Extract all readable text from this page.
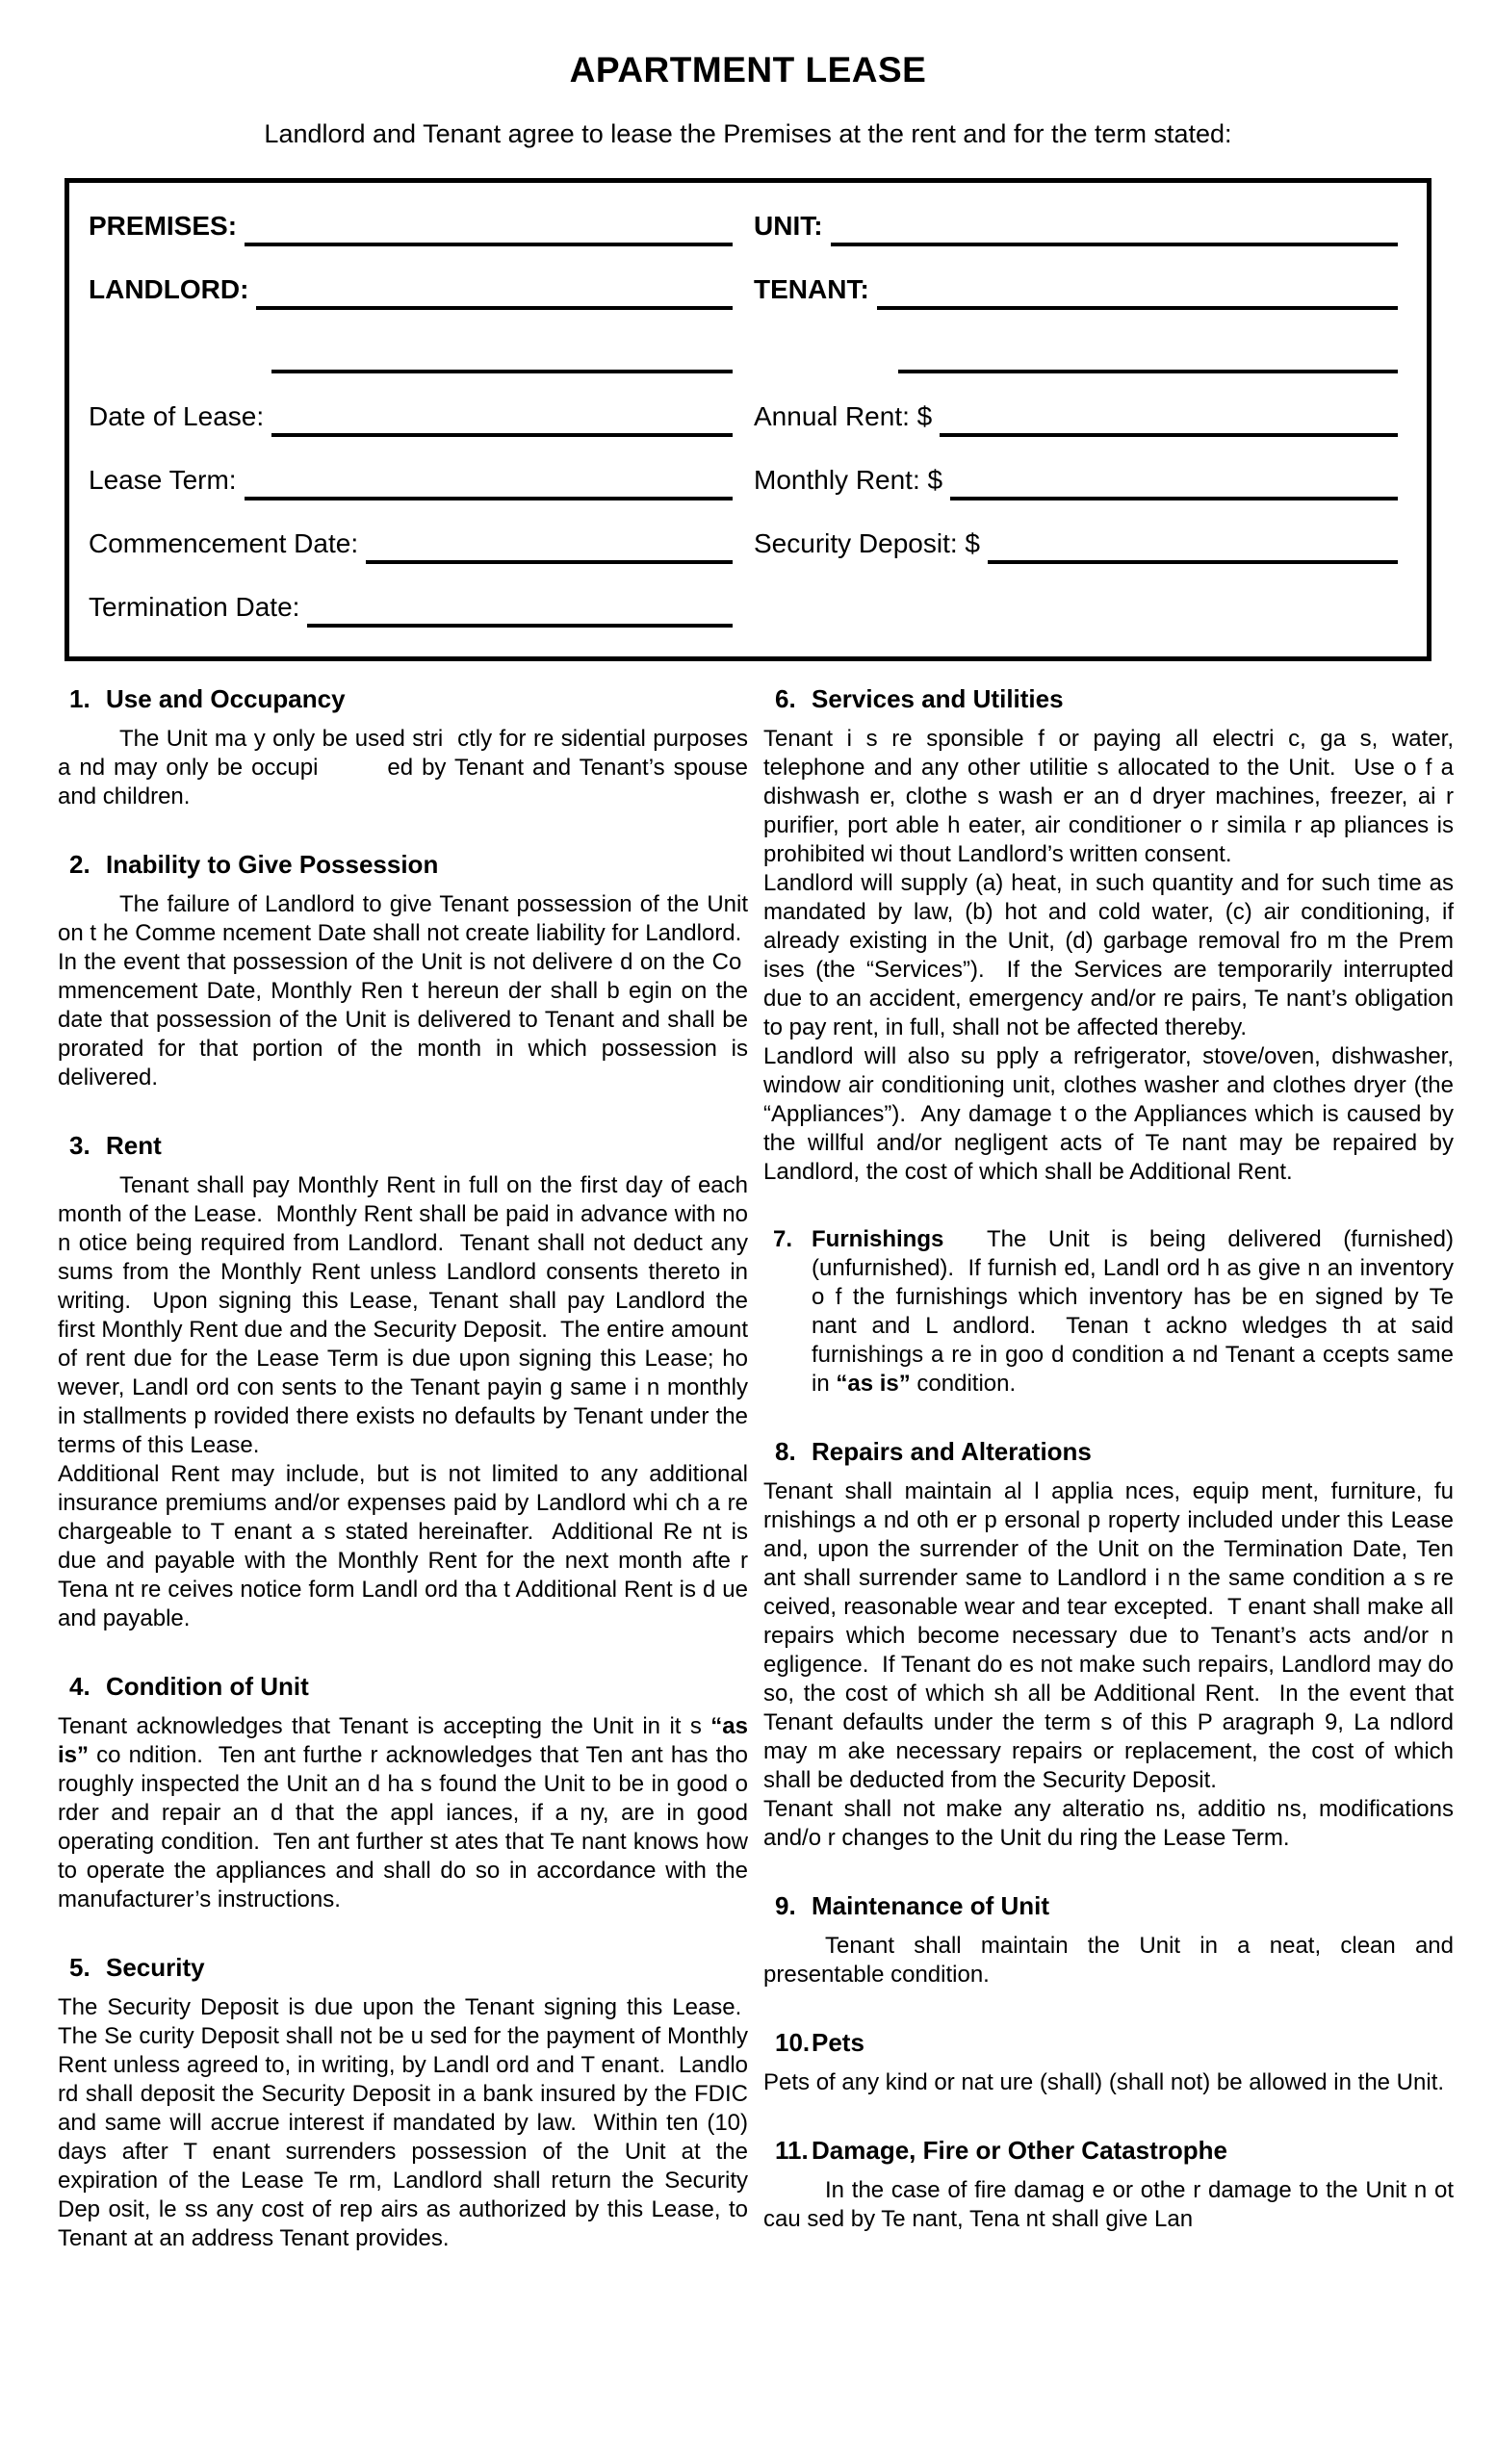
APARTMENT LEASE
Landlord and Tenant agree to lease the Premises at the rent and for the term stated:
PREMISES:	UNIT:
LANDLORD:	TENANT:
Date of Lease:	Annual Rent: $
Lease Term:	Monthly Rent: $
Commencement Date:	Security Deposit: $
Termination Date:
1. Use and Occupancy

The Unit ma y only be used stri  ctly for re sidential purposes a nd may only be occupi        ed by Tenant and Tenant’s spouse and children.

2. Inability to Give Possession

The failure of Landlord to give Tenant possession of the Unit on t he Comme ncement Date shall not create liability for Landlord.  In the event that possession of the Unit is not delivere d on the Co  mmencement Date, Monthly Ren t hereun der shall b egin on the date that possession of the Unit is delivered to Tenant and shall be prorated for that portion of the month in which possession is delivered.

3. Rent

Tenant shall pay Monthly Rent in full on the first day of each month of the Lease.  Monthly Rent shall be paid in advance with no n otice being required from Landlord.  Tenant shall not deduct any sums from the Monthly Rent unless Landlord consents thereto in writing.  Upon signing this Lease, Tenant shall pay Landlord the first Monthly Rent due and the Security Deposit.  The entire amount of rent due for the Lease Term is due upon signing this Lease; ho wever, Landl ord con sents to the Tenant payin g same i n monthly in stallments p rovided there exists no defaults by Tenant under the terms of this Lease.

Additional Rent may include, but is not limited to any additional insurance premiums and/or expenses paid by Landlord whi ch a re chargeable to T enant a s stated hereinafter.  Additional Re nt is due and payable with the Monthly Rent for the next month afte r Tena nt re ceives notice form Landl ord tha t Additional Rent is d ue and payable.

4. Condition of Unit

Tenant acknowledges that Tenant is accepting the Unit in it s “as is” co ndition.  Ten ant furthe r acknowledges that Ten ant has tho roughly inspected the Unit an d ha s found the Unit to be in good o rder and repair an d that the appl iances, if a ny, are in good operating condition.  Ten ant further st ates that Te nant knows how to operate the appliances and shall do so in accordance with the manufacturer’s instructions.

5. Security

The Security Deposit is due upon the Tenant signing this Lease.  The Se curity Deposit shall not be u sed for the payment of Monthly Rent unless agreed to, in writing, by Landl ord and T enant.  Landlo rd shall deposit the Security Deposit in a bank insured by the FDIC and same will accrue interest if mandated by law.  Within ten (10) days after T enant surrenders possession of the Unit at the expiration of the Lease Te rm, Landlord shall return the Security Dep osit, le ss any cost of rep airs as authorized by this Lease, to Tenant at an address Tenant provides.

6. Services and Utilities

Tenant i s re sponsible f or paying all electri c, ga s, water, telephone and any other utilitie s allocated to the Unit.  Use o f a dishwash er, clothe s wash er an d dryer machines, freezer, ai r purifier, port able h eater, air conditioner o r simila r ap pliances is prohibited wi thout Landlord’s written consent.

Landlord will supply (a) heat, in such quantity and for such time as mandated by law, (b) hot and cold water, (c) air conditioning, if already existing in the Unit, (d) garbage removal fro m the Prem ises (the “Services”).  If the Services are temporarily interrupted due to an accident, emergency and/or re pairs, Te nant’s obligation to pay rent, in full, shall not be affected thereby.

Landlord will also su pply a refrigerator, stove/oven, dishwasher, window air conditioning unit, clothes washer and clothes dryer (the “Appliances”).  Any damage t o the Appliances which is caused by the willful and/or negligent acts of Te nant may be repaired by Landlord, the cost of which shall be Additional Rent.

7. Furnishings  The Unit is being delivered (furnished) (unfurnished).  If furnish ed, Landl ord h as give n an inventory o f the furnishings which inventory has be en signed by Te nant and L andlord.  Tenan t ackno wledges th at said furnishings a re in goo d condition a nd Tenant a ccepts same in “as is” condition.

8. Repairs and Alterations

Tenant shall maintain al l applia nces, equip ment, furniture, fu rnishings a nd oth er p ersonal p roperty included under this Lease and, upon the surrender of the Unit on the Termination Date, Ten ant shall surrender same to Landlord i n the same condition a s re ceived, reasonable wear and tear excepted.  T enant shall make all repairs which become necessary due to Tenant’s acts and/or n egligence.  If Tenant do es not make such repairs, Landlord may do so, the cost of which sh all be Additional Rent.  In the event that Tenant defaults under the term s of this P aragraph 9, La ndlord may m ake necessary repairs or replacement, the cost of which shall be deducted from the Security Deposit.

Tenant shall not make any alteratio ns, additio ns, modifications and/o r changes to the Unit du ring the Lease Term.

9. Maintenance of Unit

Tenant shall maintain the Unit in a neat, clean and presentable condition.

10. Pets

Pets of any kind or nat ure (shall) (shall not) be allowed in the Unit.

11. Damage, Fire or Other Catastrophe

In the case of fire damag e or othe r damage to the Unit n ot cau sed by Te nant, Tena nt shall give Lan
